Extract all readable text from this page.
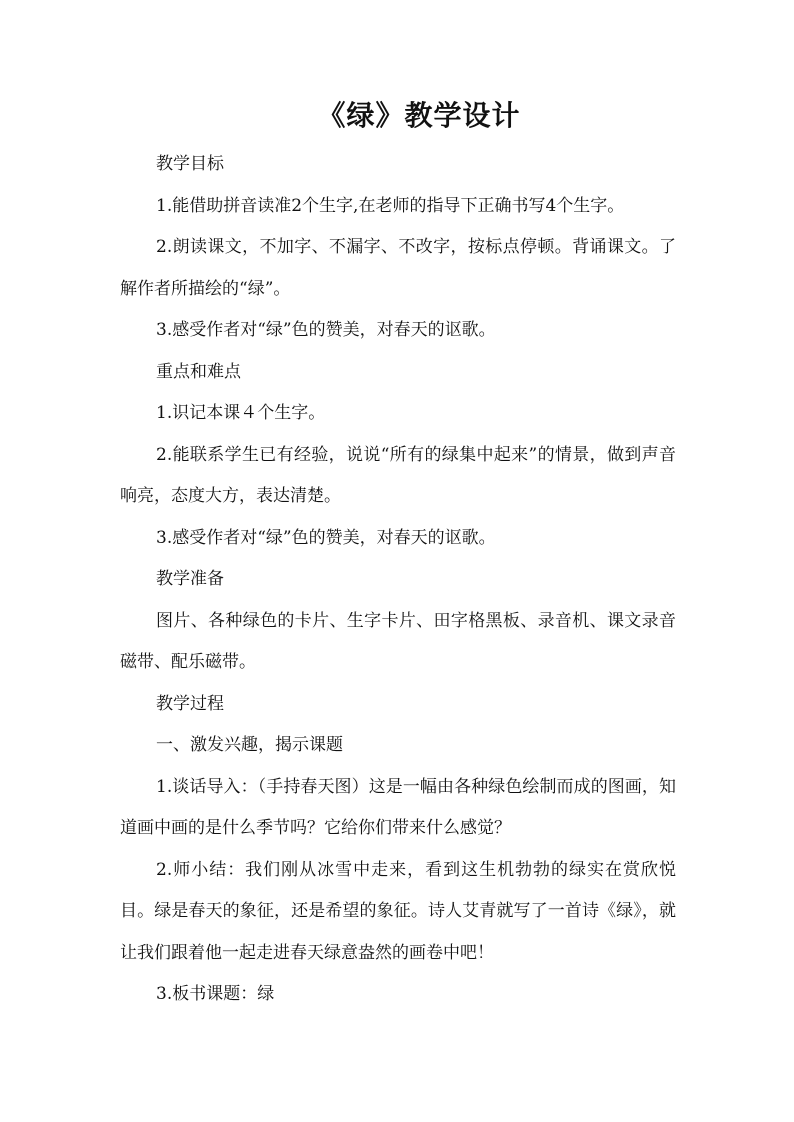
《绿》教学设计

教学目标

1.能借助拼音读准2个生字,在老师的指导下正确书写4个生字。

2.朗读课文，不加字、不漏字、不改字，按标点停顿。背诵课文。了解作者所描绘的“绿”。

3.感受作者对“绿”色的赞美，对春天的讴歌。

重点和难点

1.识记本课４个生字。

2.能联系学生已有经验，说说“所有的绿集中起来”的情景，做到声音响亮，态度大方，表达清楚。

3.感受作者对“绿”色的赞美，对春天的讴歌。

教学准备

图片、各种绿色的卡片、生字卡片、田字格黑板、录音机、课文录音磁带、配乐磁带。

教学过程

一、激发兴趣，揭示课题

1.谈话导入：（手持春天图）这是一幅由各种绿色绘制而成的图画，知道画中画的是什么季节吗？它给你们带来什么感觉？

2.师小结：我们刚从冰雪中走来，看到这生机勃勃的绿实在赏欣悦目。绿是春天的象征，还是希望的象征。诗人艾青就写了一首诗《绿》，就让我们跟着他一起走进春天绿意盎然的画卷中吧！

3.板书课题：绿
